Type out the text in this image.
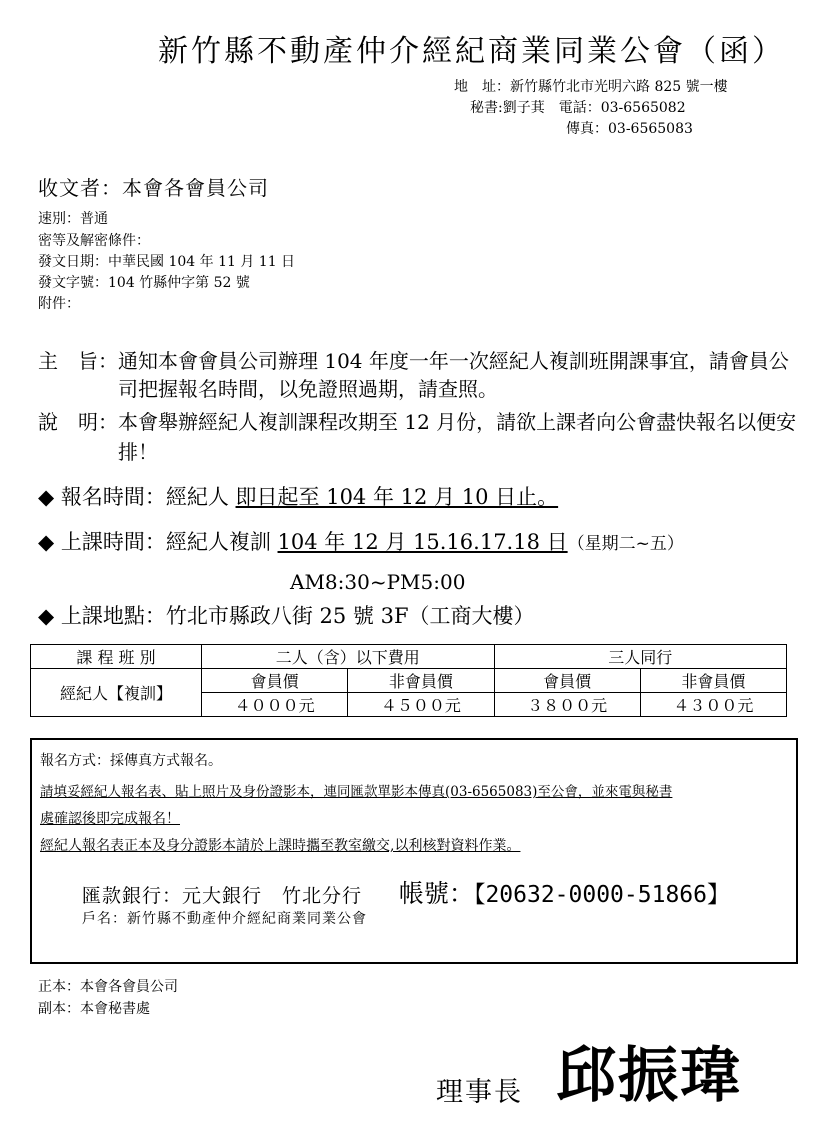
新竹縣不動產仲介經紀商業同業公會（函）
地　址：新竹縣竹北市光明六路 825 號一樓
秘書:劉子萁　電話：03-6565082
傳真：03-6565083
收文者：本會各會員公司
速別：普通
密等及解密條件：
發文日期：中華民國 104 年 11 月 11 日
發文字號：104 竹縣仲字第 52 號
附件：
主　旨： 通知本會會員公司辦理 104 年度一年一次經紀人複訓班開課事宜，請會員公
司把握報名時間，以免證照過期，請查照。
說　明： 本會舉辦經紀人複訓課程改期至 12 月份，請欲上課者向公會盡快報名以便安
排！
◆ 報名時間：經紀人 即日起至 104 年 12 月 10 日止。
◆ 上課時間：經紀人複訓 104 年 12 月 15.16.17.18 日（星期二~五）
AM8:30~PM5:00
◆ 上課地點：竹北市縣政八街 25 號 3F（工商大樓）
課 程 班 別	二人（含）以下費用		三人同行	
經紀人【複訓】	會員價	非會員價	會員價	非會員價
	４０００元	４５００元	３８００元	４３００元
報名方式：採傳真方式報名。
請填妥經紀人報名表、貼上照片及身份證影本，連同匯款單影本傳真(03-6565083)至公會，並來電與秘書
處確認後即完成報名！
經紀人報名表正本及身分證影本請於上課時攜至教室繳交,以利核對資料作業。
匯款銀行：元大銀行　竹北分行 帳號：【20632-0000-51866】
戶名：新竹縣不動產仲介經紀商業同業公會
正本：本會各會員公司
副本：本會秘書處
理事長 邱振瑋
